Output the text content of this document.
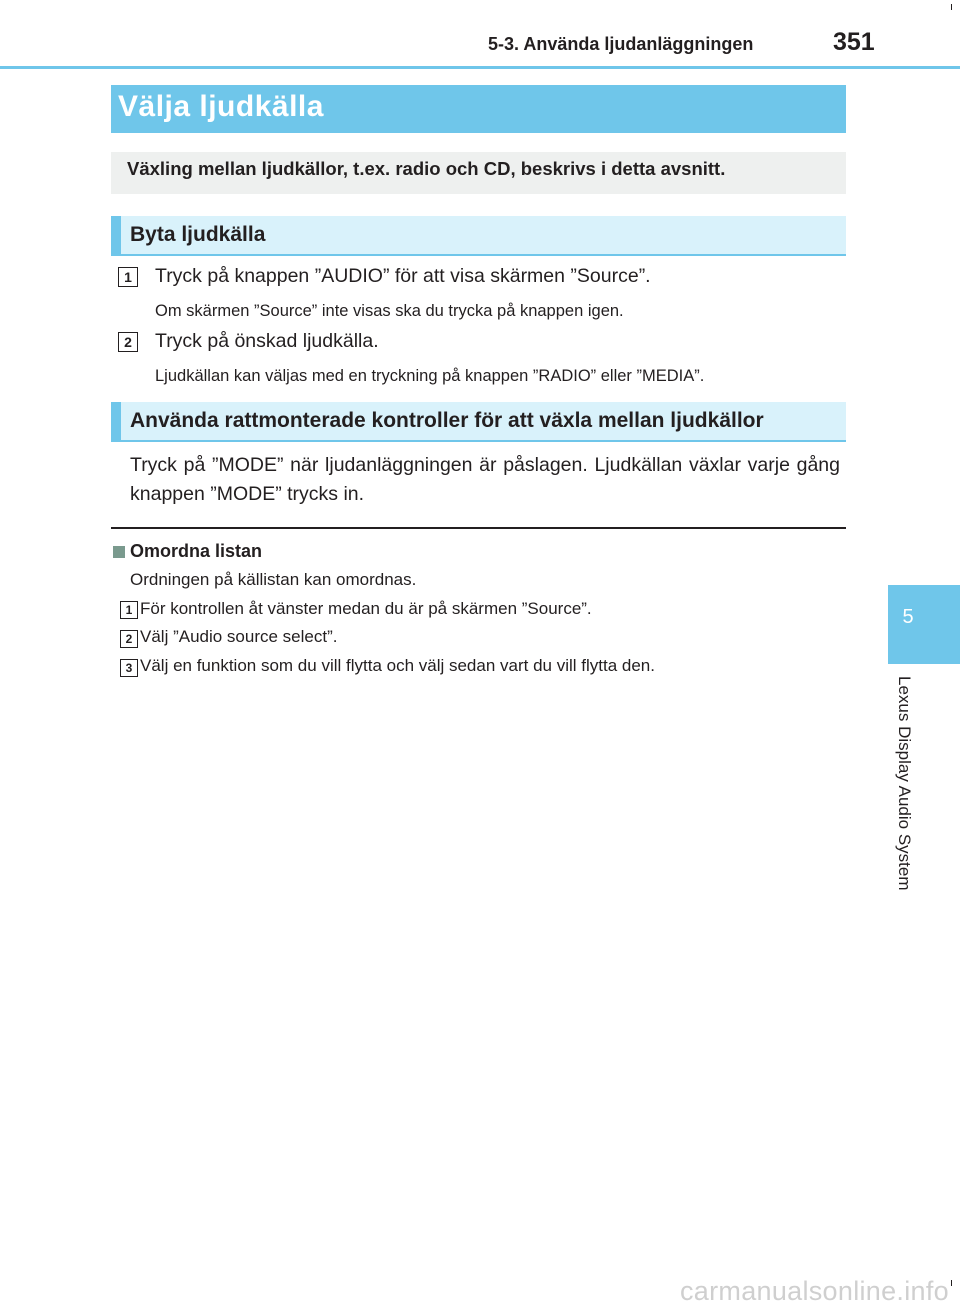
5-3. Använda ljudanläggningen	351
5
Lexus Display Audio System
Välja ljudkälla
Växling mellan ljudkällor, t.ex. radio och CD, beskrivs i detta avsnitt.
Byta ljudkälla
1	Tryck på knappen ”AUDIO” för att visa skärmen ”Source”.
Om skärmen ”Source” inte visas ska du trycka på knappen igen.
2	Tryck på önskad ljudkälla.
Ljudkällan kan väljas med en tryckning på knappen ”RADIO” eller ”MEDIA”.
Använda rattmonterade kontroller för att växla mellan ljudkällor
Tryck på ”MODE” när ljudanläggningen är påslagen. Ljudkällan växlar varje gång knappen ”MODE” trycks in.
Omordna listan
Ordningen på källistan kan omordnas.
1 För kontrollen åt vänster medan du är på skärmen ”Source”.
2 Välj ”Audio source select”.
3 Välj en funktion som du vill flytta och välj sedan vart du vill flytta den.
carmanualsonline.info
